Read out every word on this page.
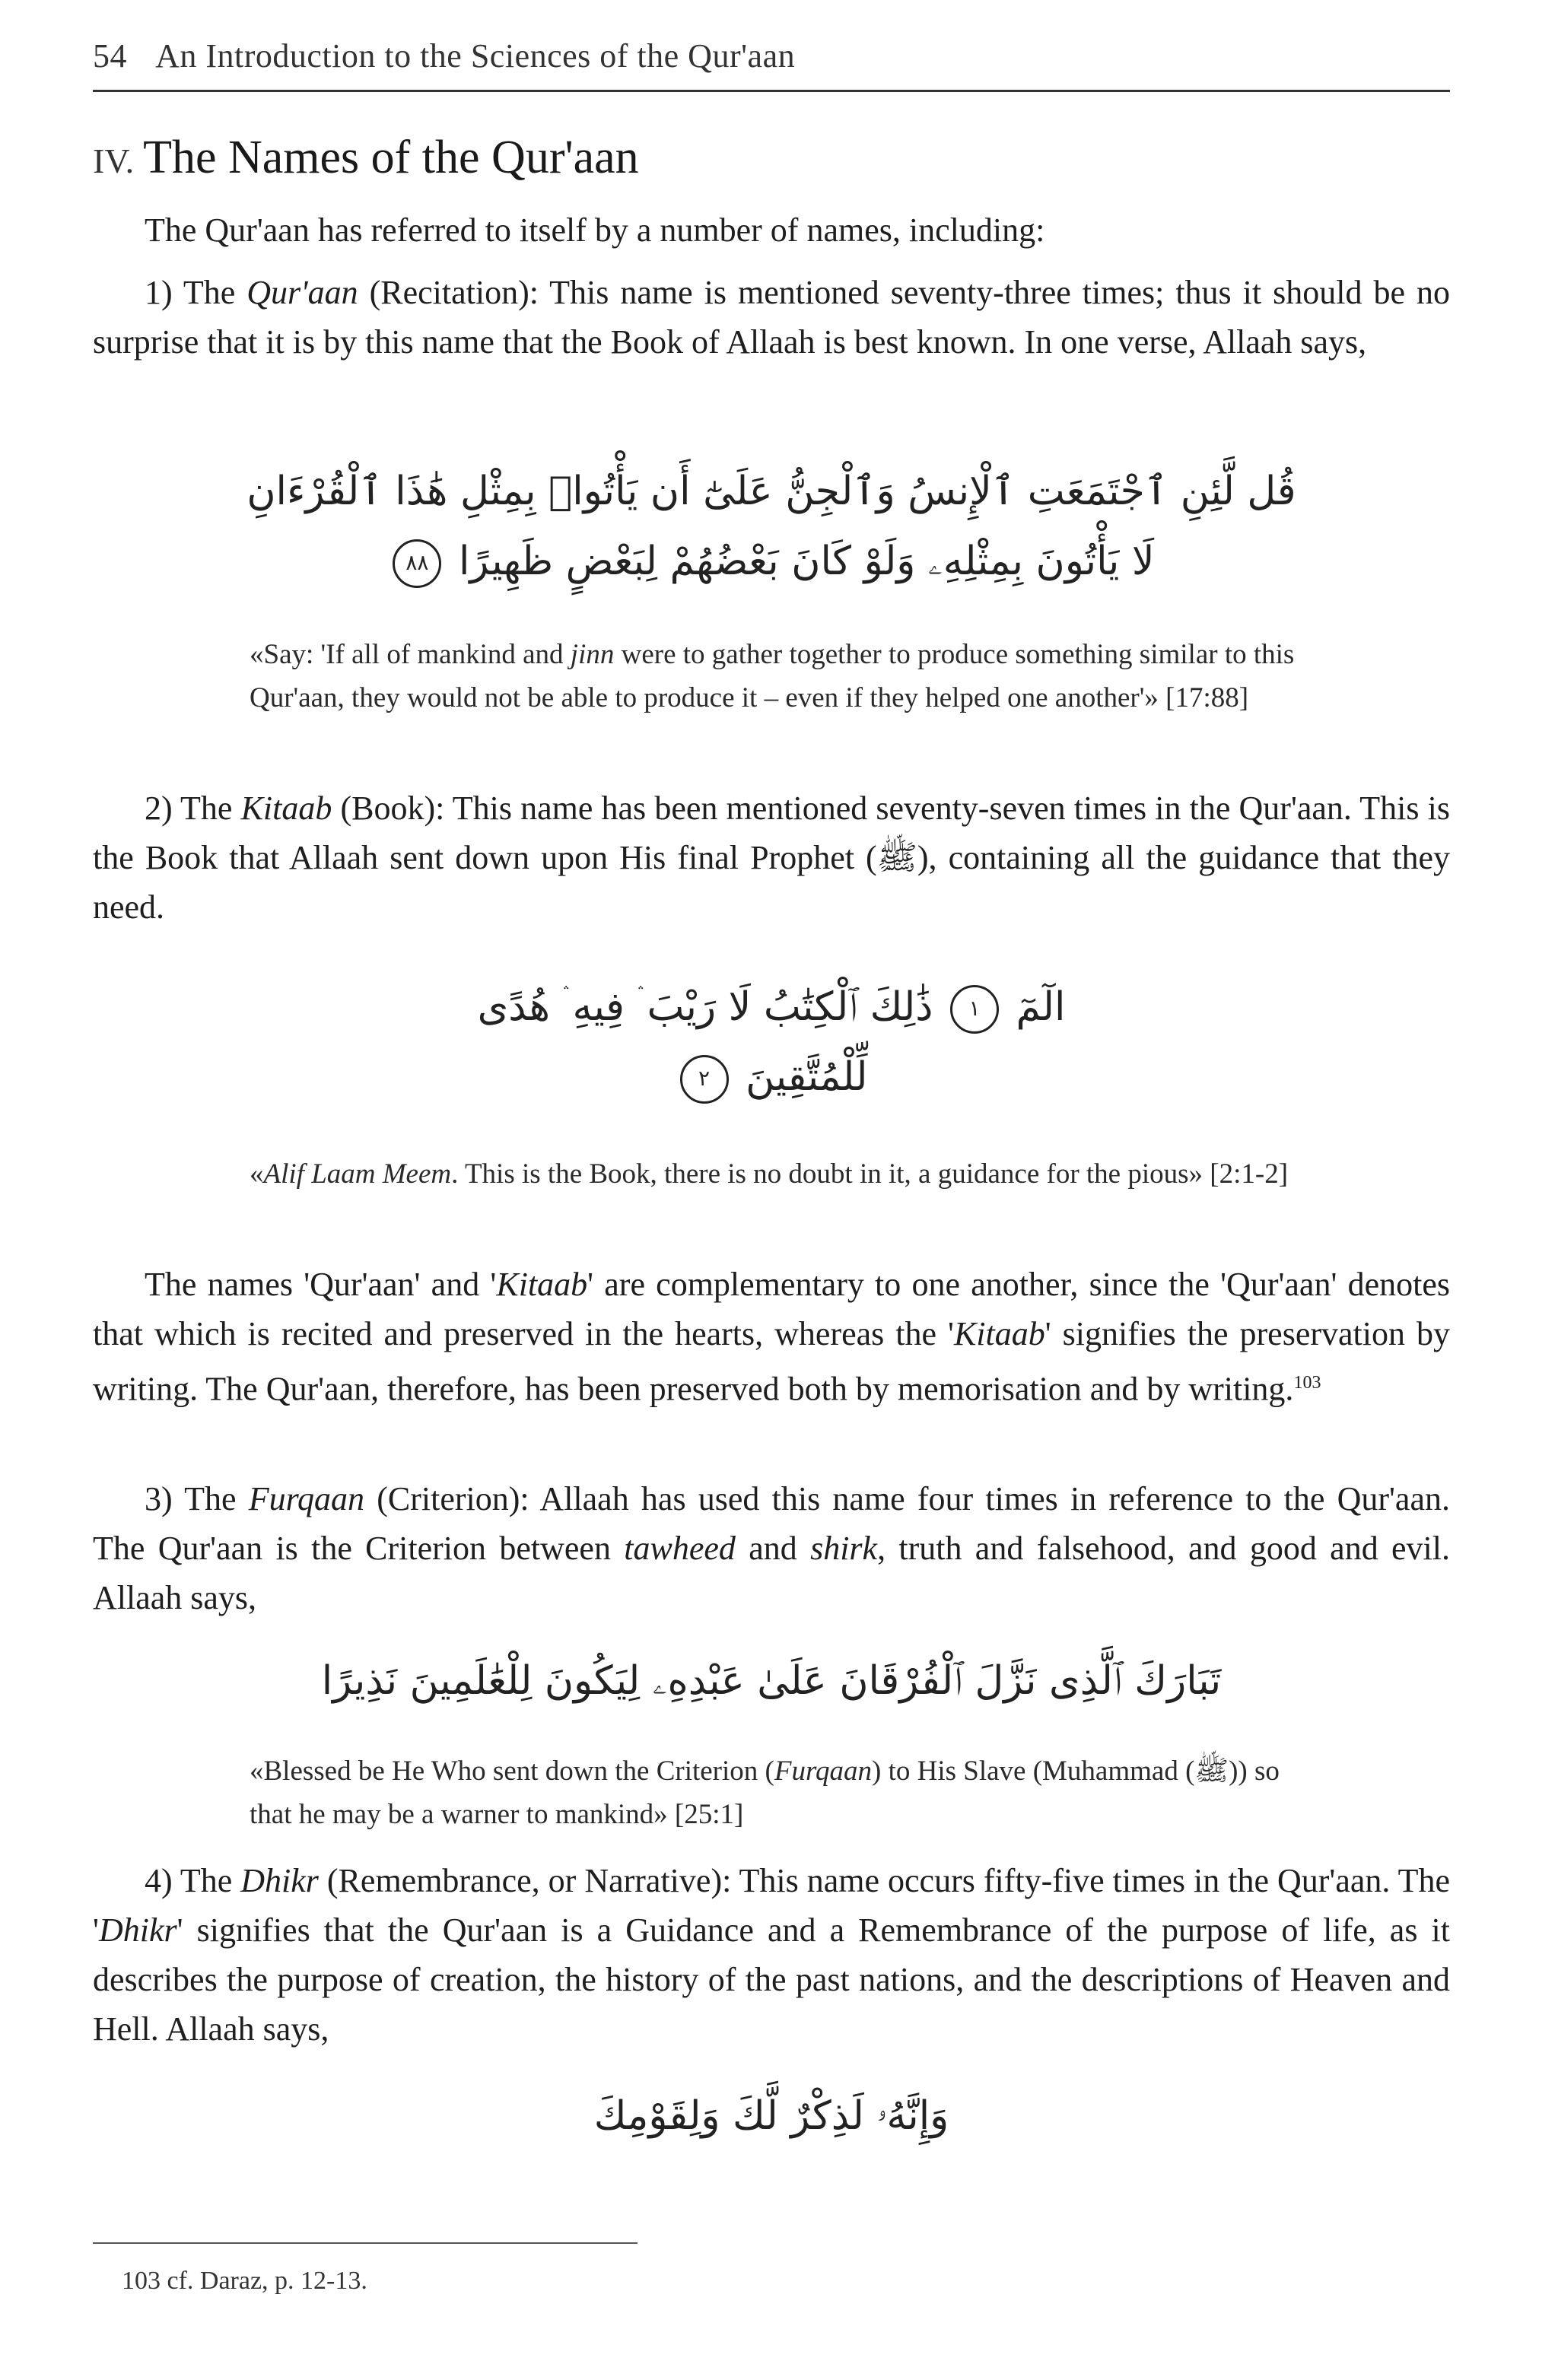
54 An Introduction to the Sciences of the Qur'aan
IV. The Names of the Qur'aan
The Qur'aan has referred to itself by a number of names, including:
1) The Qur'aan (Recitation): This name is mentioned seventy-three times; thus it should be no surprise that it is by this name that the Book of Allaah is best known. In one verse, Allaah says,
قُل لَّئِنِ ٱجْتَمَعَتِ ٱلْإِنسُ وَٱلْجِنُّ عَلَىٰٓ أَن يَأْتُوا۟ بِمِثْلِ هَٰذَا ٱلْقُرْءَانِ
لَا يَأْتُونَ بِمِثْلِهِۦ وَلَوْ كَانَ بَعْضُهُمْ لِبَعْضٍ ظَهِيرًا ٨٨
«Say: 'If all of mankind and jinn were to gather together to produce something similar to this Qur'aan, they would not be able to produce it – even if they helped one another'» [17:88]
2) The Kitaab (Book): This name has been mentioned seventy-seven times in the Qur'aan. This is the Book that Allaah sent down upon His final Prophet (ﷺ), containing all the guidance that they need.
الٓمٓ ١ ذَٰلِكَ ٱلْكِتَٰبُ لَا رَيْبَ ۛ فِيهِ ۛ هُدًى
لِّلْمُتَّقِينَ ٢
«Alif Laam Meem. This is the Book, there is no doubt in it, a guidance for the pious» [2:1-2]
The names 'Qur'aan' and 'Kitaab' are complementary to one another, since the 'Qur'aan' denotes that which is recited and preserved in the hearts, whereas the 'Kitaab' signifies the preservation by writing. The Qur'aan, therefore, has been preserved both by memorisation and by writing.$^{103}$
3) The Furqaan (Criterion): Allaah has used this name four times in reference to the Qur'aan. The Qur'aan is the Criterion between tawheed and shirk, truth and falsehood, and good and evil. Allaah says,
تَبَارَكَ ٱلَّذِى نَزَّلَ ٱلْفُرْقَانَ عَلَىٰ عَبْدِهِۦ لِيَكُونَ لِلْعَٰلَمِينَ نَذِيرًا
«Blessed be He Who sent down the Criterion (Furqaan) to His Slave (Muhammad (ﷺ)) so that he may be a warner to mankind» [25:1]
4) The Dhikr (Remembrance, or Narrative): This name occurs fifty-five times in the Qur'aan. The 'Dhikr' signifies that the Qur'aan is a Guidance and a Remembrance of the purpose of life, as it describes the purpose of creation, the history of the past nations, and the descriptions of Heaven and Hell. Allaah says,
وَإِنَّهُۥ لَذِكْرٌ لَّكَ وَلِقَوْمِكَ
103 cf. Daraz, p. 12-13.
